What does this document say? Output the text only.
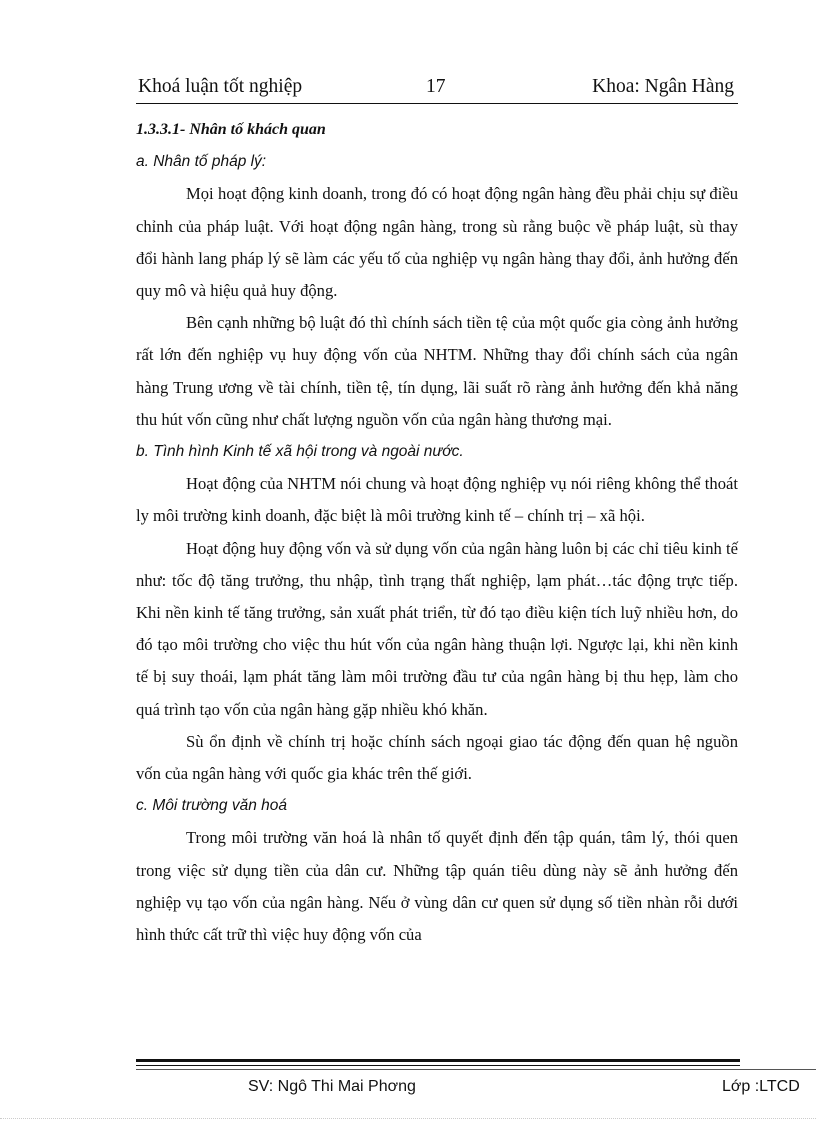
Khoá luận tốt nghiệp	17	Khoa: Ngân Hàng

1.3.3.1- Nhân tố khách quan

a. Nhân tố pháp lý:

Mọi hoạt động kinh doanh, trong đó có hoạt động ngân hàng đều phải chịu sự điều chỉnh của pháp luật. Với hoạt động ngân hàng, trong sù rằng buộc về pháp luật, sù thay đổi hành lang pháp lý sẽ làm các yếu tố của nghiệp vụ ngân hàng thay đổi, ảnh hưởng đến quy mô và hiệu quả huy động.

Bên cạnh những bộ luật đó thì chính sách tiền tệ của một quốc gia còng ảnh hưởng rất lớn đến nghiệp vụ huy động vốn của NHTM. Những thay đổi chính sách của ngân hàng Trung ương về tài chính, tiền tệ, tín dụng, lãi suất rõ ràng ảnh hưởng đến khả năng thu hút vốn cũng như chất lượng nguồn vốn của ngân hàng thương mại.

b. Tình hình Kinh tế xã hội trong và ngoài nước.

Hoạt động của NHTM nói chung và hoạt động nghiệp vụ nói riêng không thể thoát ly môi trường kinh doanh, đặc biệt là môi trường kinh tế – chính trị – xã hội.

Hoạt động huy động vốn và sử dụng vốn của ngân hàng luôn bị các chỉ tiêu kinh tế như: tốc độ tăng trưởng, thu nhập, tình trạng thất nghiệp, lạm phát…tác động trực tiếp. Khi nền kinh tế tăng trưởng, sản xuất phát triển, từ đó tạo điều kiện tích luỹ nhiều hơn, do đó tạo môi trường cho việc thu hút vốn của ngân hàng thuận lợi. Ngược lại, khi nền kinh tế bị suy thoái, lạm phát tăng làm môi trường đầu tư của ngân hàng bị thu hẹp, làm cho quá trình tạo vốn của ngân hàng gặp nhiều khó khăn.

Sù ổn định về chính trị hoặc chính sách ngoại giao tác động đến quan hệ nguồn vốn của ngân hàng với quốc gia khác trên thế giới.

c. Môi trường văn hoá

Trong môi trường văn hoá là nhân tố quyết định đến tập quán, tâm lý, thói quen trong việc sử dụng tiền của dân cư. Những tập quán tiêu dùng này sẽ ảnh hưởng đến nghiệp vụ tạo vốn của ngân hàng. Nếu ở vùng dân cư quen sử dụng số tiền nhàn rỗi dưới hình thức cất trữ thì việc huy động vốn của

SV: Ngô Thi Mai Phơng	Lớp :LTCD
